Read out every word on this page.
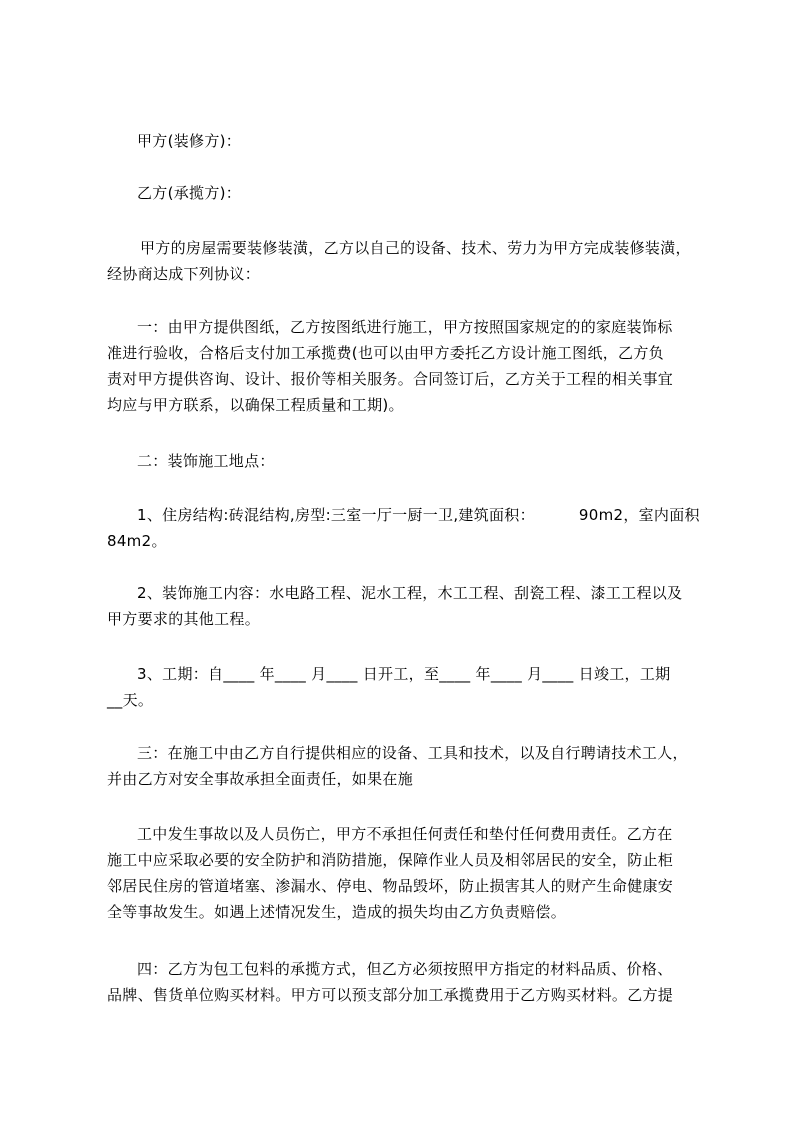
甲方(装修方)：

乙方(承揽方)：

甲方的房屋需要装修装潢，乙方以自己的设备、技术、劳力为甲方完成装修装潢，
经协商达成下列协议：

一：由甲方提供图纸，乙方按图纸进行施工，甲方按照国家规定的的家庭装饰标
准进行验收，合格后支付加工承揽费(也可以由甲方委托乙方设计施工图纸，乙方负
责对甲方提供咨询、设计、报价等相关服务。合同签订后，乙方关于工程的相关事宜
均应与甲方联系，以确保工程质量和工期)。

二：装饰施工地点：

1、住房结构:砖混结构,房型:三室一厅一厨一卫,建筑面积：	90m2，室内面积
84m2。

2、装饰施工内容：水电路工程、泥水工程，木工工程、刮瓷工程、漆工工程以及
甲方要求的其他工程。

3、工期：自____ 年____ 月____ 日开工，至____ 年____ 月____ 日竣工，工期
__天。

三：在施工中由乙方自行提供相应的设备、工具和技术，以及自行聘请技术工人，
并由乙方对安全事故承担全面责任，如果在施

工中发生事故以及人员伤亡，甲方不承担任何责任和垫付任何费用责任。乙方在
施工中应采取必要的安全防护和消防措施，保障作业人员及相邻居民的安全，防止柜
邻居民住房的管道堵塞、渗漏水、停电、物品毁坏，防止损害其人的财产生命健康安
全等事故发生。如遇上述情况发生，造成的损失均由乙方负责赔偿。

四：乙方为包工包料的承揽方式，但乙方必须按照甲方指定的材料品质、价格、
品牌、售货单位购买材料。甲方可以预支部分加工承揽费用于乙方购买材料。乙方提
